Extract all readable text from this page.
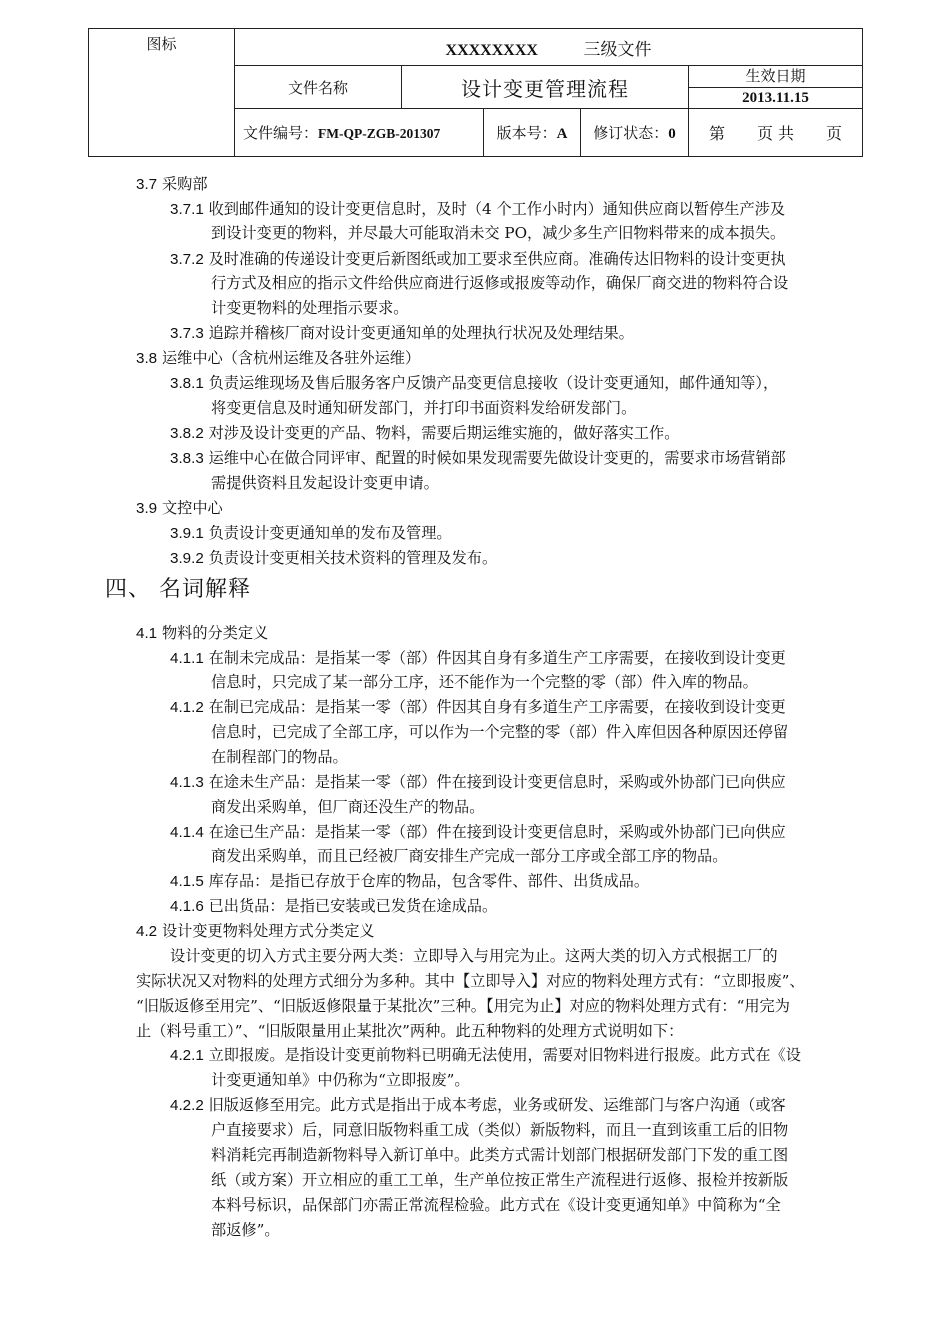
图标	XXXXXXXX 三级文件				
	文件名称	设计变更管理流程			生效日期
2013.11.15

	文件编号：FM-QP-ZGB-201307		版本号：A	修订状态：0	第　　页 共　　页
3.7 采购部
3.7.1 收到邮件通知的设计变更信息时，及时（4 个工作小时内）通知供应商以暂停生产涉及
到设计变更的物料，并尽最大可能取消未交 PO，减少多生产旧物料带来的成本损失。
3.7.2 及时准确的传递设计变更后新图纸或加工要求至供应商。准确传达旧物料的设计变更执
行方式及相应的指示文件给供应商进行返修或报废等动作，确保厂商交进的物料符合设
计变更物料的处理指示要求。
3.7.3 追踪并稽核厂商对设计变更通知单的处理执行状况及处理结果。
3.8 运维中心（含杭州运维及各驻外运维）
3.8.1 负责运维现场及售后服务客户反馈产品变更信息接收（设计变更通知，邮件通知等），
将变更信息及时通知研发部门，并打印书面资料发给研发部门。
3.8.2 对涉及设计变更的产品、物料，需要后期运维实施的，做好落实工作。
3.8.3 运维中心在做合同评审、配置的时候如果发现需要先做设计变更的，需要求市场营销部
需提供资料且发起设计变更申请。
3.9 文控中心
3.9.1 负责设计变更通知单的发布及管理。
3.9.2 负责设计变更相关技术资料的管理及发布。
四、 名词解释
4.1 物料的分类定义
4.1.1 在制未完成品：是指某一零（部）件因其自身有多道生产工序需要，在接收到设计变更
信息时，只完成了某一部分工序，还不能作为一个完整的零（部）件入库的物品。
4.1.2 在制已完成品：是指某一零（部）件因其自身有多道生产工序需要，在接收到设计变更
信息时，已完成了全部工序，可以作为一个完整的零（部）件入库但因各种原因还停留
在制程部门的物品。
4.1.3 在途未生产品：是指某一零（部）件在接到设计变更信息时，采购或外协部门已向供应
商发出采购单，但厂商还没生产的物品。
4.1.4 在途已生产品：是指某一零（部）件在接到设计变更信息时，采购或外协部门已向供应
商发出采购单，而且已经被厂商安排生产完成一部分工序或全部工序的物品。
4.1.5 库存品：是指已存放于仓库的物品，包含零件、部件、出货成品。
4.1.6 已出货品：是指已安装或已发货在途成品。
4.2 设计变更物料处理方式分类定义
设计变更的切入方式主要分两大类：立即导入与用完为止。这两大类的切入方式根据工厂的
实际状况又对物料的处理方式细分为多种。其中【立即导入】对应的物料处理方式有：“立即报废”、
“旧版返修至用完”、“旧版返修限量于某批次”三种。【用完为止】对应的物料处理方式有：“用完为
止（料号重工）”、“旧版限量用止某批次”两种。此五种物料的处理方式说明如下：
4.2.1 立即报废。是指设计变更前物料已明确无法使用，需要对旧物料进行报废。此方式在《设
计变更通知单》中仍称为“立即报废”。
4.2.2 旧版返修至用完。此方式是指出于成本考虑，业务或研发、运维部门与客户沟通（或客
户直接要求）后，同意旧版物料重工成（类似）新版物料，而且一直到该重工后的旧物
料消耗完再制造新物料导入新订单中。此类方式需计划部门根据研发部门下发的重工图
纸（或方案）开立相应的重工工单，生产单位按正常生产流程进行返修、报检并按新版
本料号标识，品保部门亦需正常流程检验。此方式在《设计变更通知单》中简称为“全
部返修”。
